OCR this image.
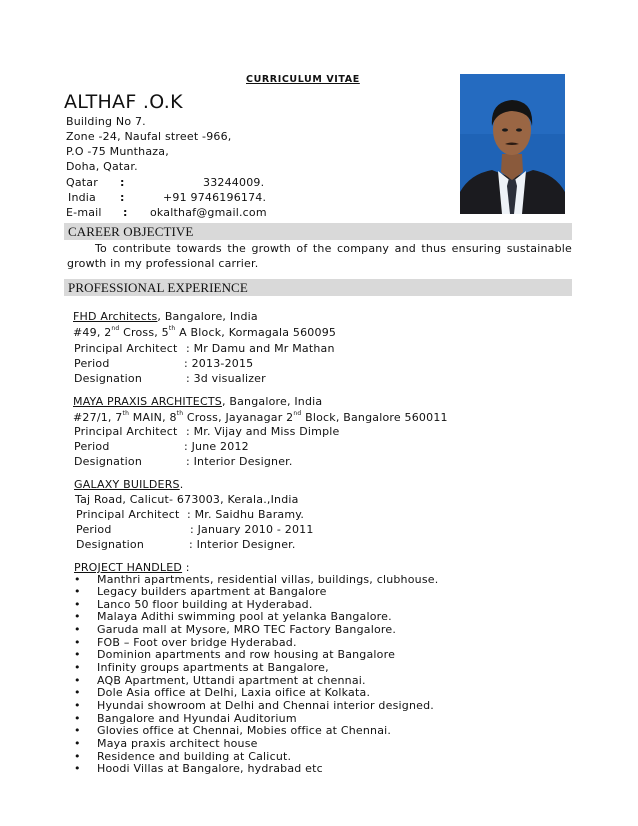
CURRICULUM VITAE
ALTHAF .O.K
Building No 7.
Zone -24, Naufal street -966,
P.O -75 Munthaza,
Doha, Qatar.
Qatar :	33244009.
India :	+91 9746196174.
E-mail : okalthaf@gmail.com
CAREER OBJECTIVE
To contribute towards the growth of the company and thus ensuring sustainable growth in my professional carrier.
PROFESSIONAL EXPERIENCE
FHD Architects, Bangalore, India
#49, 2nd Cross, 5th A Block, Kormagala 560095
Principal Architect : Mr Damu and Mr Mathan
Period	: 2013-2015
Designation	: 3d visualizer
MAYA PRAXIS ARCHITECTS, Bangalore, India
#27/1, 7th MAIN, 8th Cross, Jayanagar 2nd Block, Bangalore 560011
Principal Architect : Mr. Vijay and Miss Dimple
Period	: June 2012
Designation	: Interior Designer.
GALAXY BUILDERS.
Taj Road, Calicut- 673003, Kerala.,India
Principal Architect : Mr. Saidhu Baramy.
Period	: January 2010 - 2011
Designation	: Interior Designer.
PROJECT HANDLED :
• Manthri apartments, residential villas, buildings, clubhouse.
• Legacy builders apartment at Bangalore
• Lanco 50 floor building at Hyderabad.
• Malaya Adithi swimming pool at yelanka Bangalore.
• Garuda mall at Mysore, MRO TEC Factory Bangalore.
• FOB – Foot over bridge Hyderabad.
• Dominion apartments and row housing at Bangalore
• Infinity groups apartments at Bangalore,
• AQB Apartment, Uttandi apartment at chennai.
• Dole Asia office at Delhi, Laxia oifice at Kolkata.
• Hyundai showroom at Delhi and Chennai interior designed.
• Bangalore and Hyundai Auditorium
• Glovies office at Chennai, Mobies office at Chennai.
• Maya praxis architect house
• Residence and building at Calicut.
• Hoodi Villas at Bangalore, hydrabad etc
